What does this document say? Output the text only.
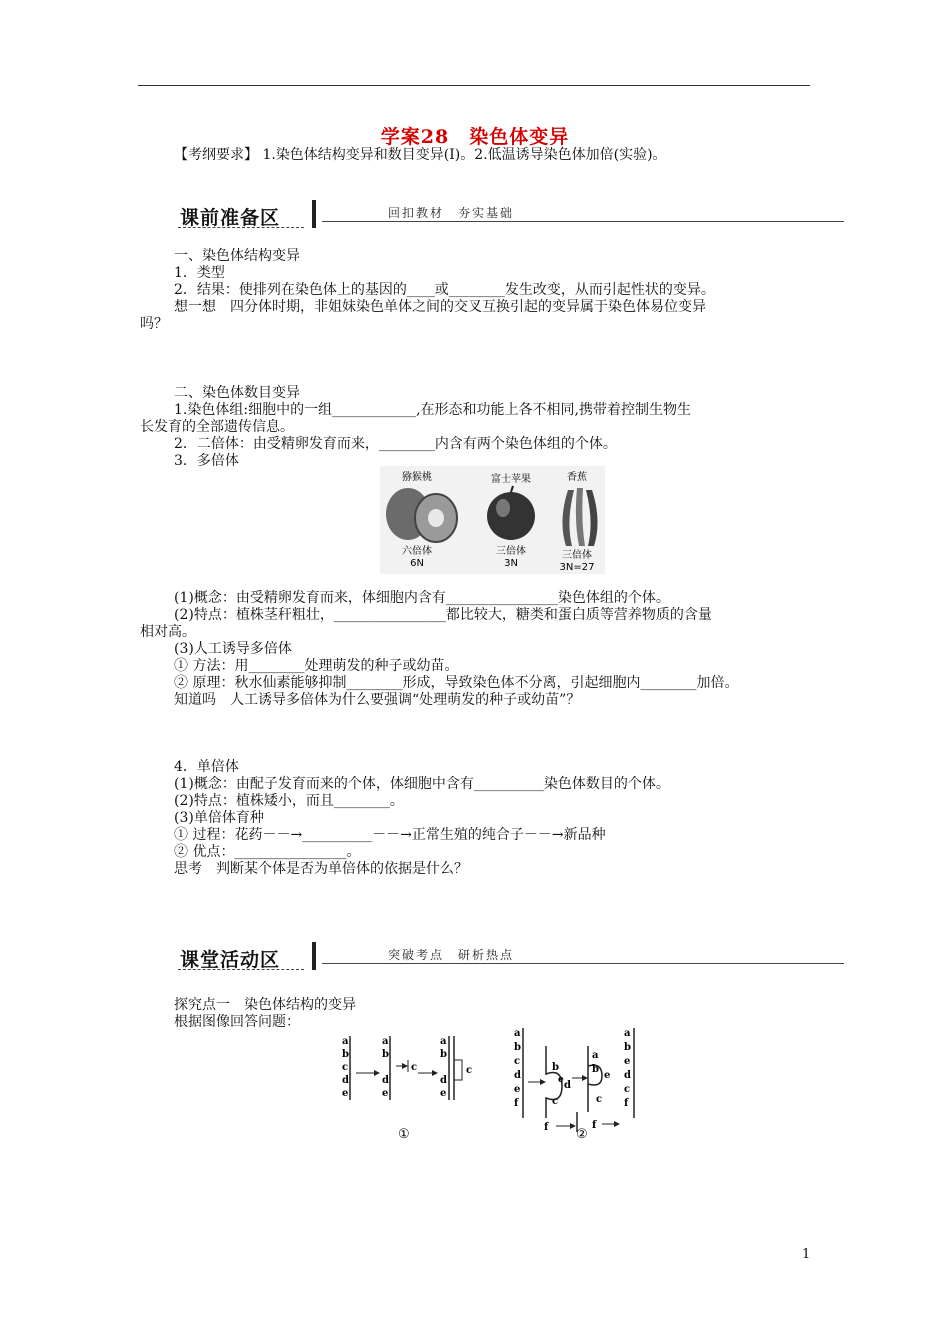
学案28　染色体变异
【考纲要求】 1.染色体结构变异和数目变异(Ⅰ)。2.低温诱导染色体加倍(实验)。
课前准备区	回扣教材　夯实基础
一、染色体结构变异
1．类型
2．结果：使排列在染色体上的基因的____或________发生改变，从而引起性状的变异。
想一想　四分体时期，非姐妹染色单体之间的交叉互换引起的变异属于染色体易位变异
吗？
二、染色体数目变异
1.染色体组:细胞中的一组____________,在形态和功能上各不相同,携带着控制生物生
长发育的全部遗传信息。
2．二倍体：由受精卵发育而来，________内含有两个染色体组的个体。
3．多倍体
猕猴桃	富士苹果	香蕉
六倍体
6N
三倍体
3N
三倍体
3N=27
(1)概念：由受精卵发育而来，体细胞内含有________________染色体组的个体。
(2)特点：植株茎秆粗壮，________________都比较大，糖类和蛋白质等营养物质的含量
相对高。
(3)人工诱导多倍体
① 方法：用________处理萌发的种子或幼苗。
② 原理：秋水仙素能够抑制________形成，导致染色体不分离，引起细胞内________加倍。
知道吗　人工诱导多倍体为什么要强调“处理萌发的种子或幼苗”？
4．单倍体
(1)概念：由配子发育而来的个体，体细胞中含有__________染色体数目的个体。
(2)特点：植株矮小，而且________。
(3)单倍体育种
① 过程：花药－－→__________－－→正常生殖的纯合子－－→新品种
② 优点：________________。
思考　判断某个体是否为单倍体的依据是什么？
课堂活动区	突破考点　研析热点
探究点一　染色体结构的变异
根据图像回答问题：
a
b
c
d
e
a
b
d
e
c
a
b
d
e
c
①
a
b
c
d
e
f
b
d
c
e
f
a
b
e
c
f
a
b
e
d
c
f
②
1
